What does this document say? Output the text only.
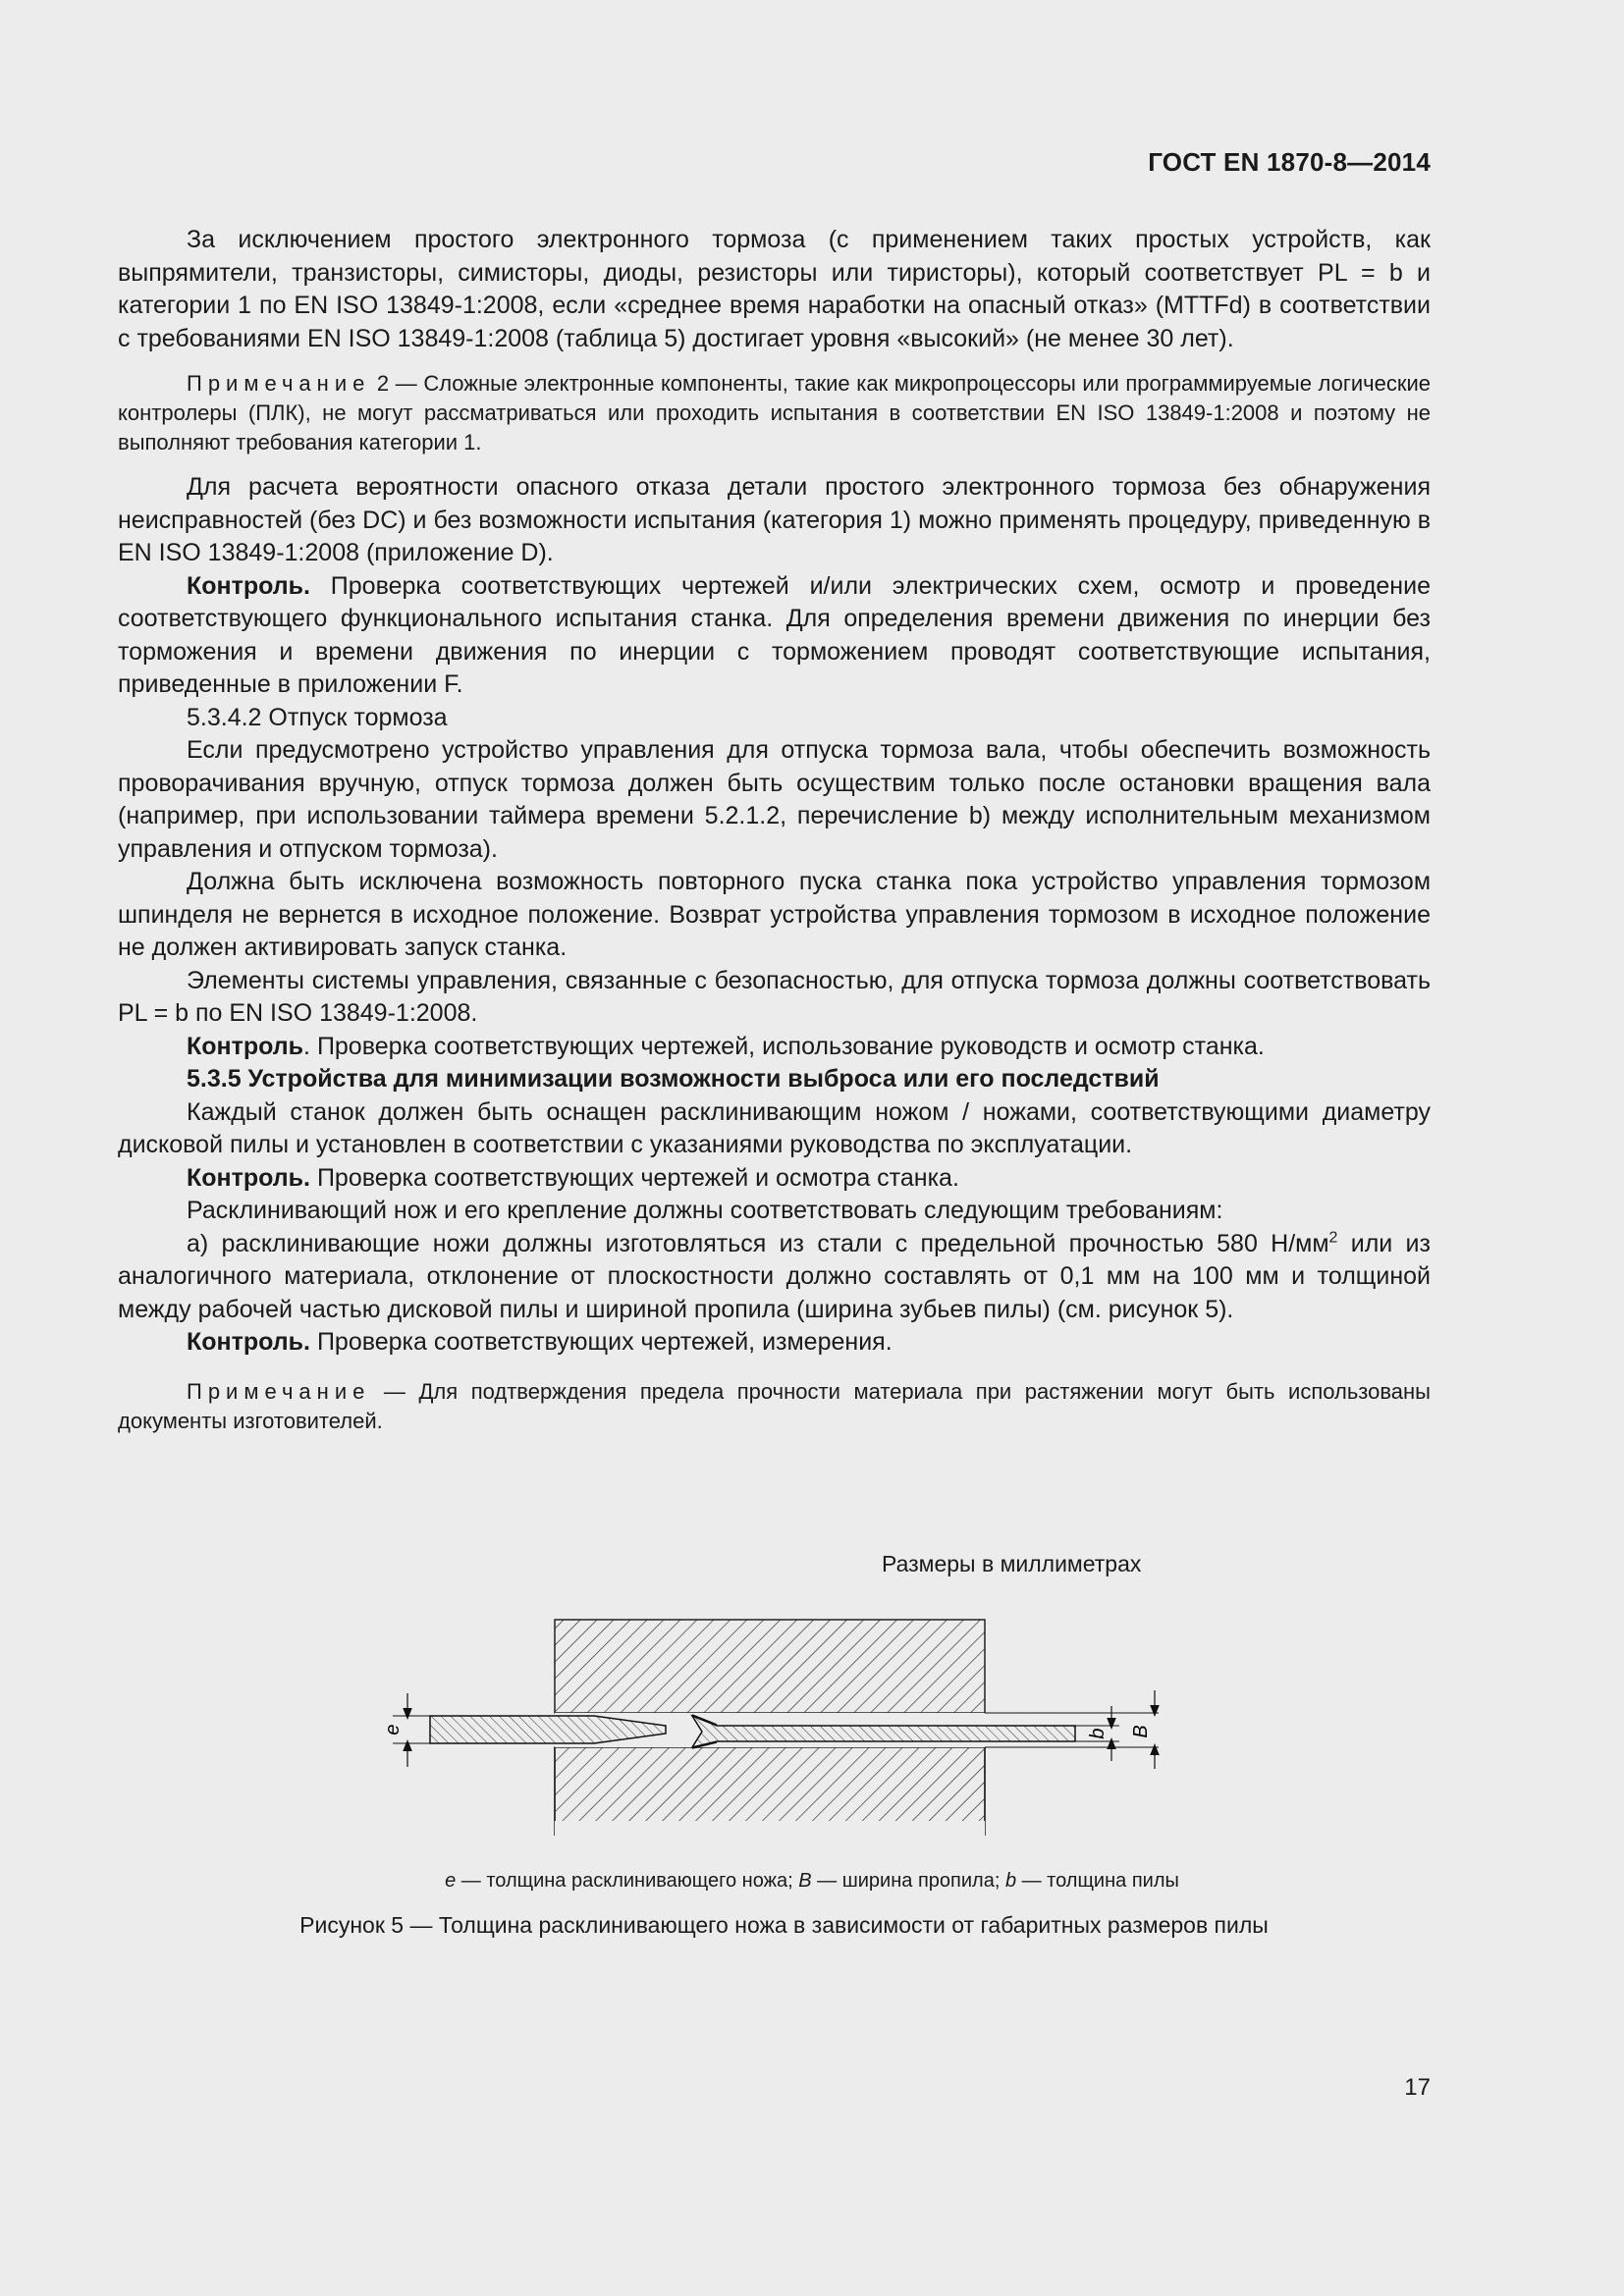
ГОСТ EN 1870-8—2014

За исключением простого электронного тормоза (с применением таких простых устройств, как выпрямители, транзисторы, симисторы, диоды, резисторы или тиристоры), который соответствует PL = b и категории 1 по EN ISO 13849-1:2008, если «среднее время наработки на опасный отказ» (MTTFd) в соответствии с требованиями EN ISO 13849-1:2008 (таблица 5) достигает уровня «высокий» (не менее 30 лет).

Примечание 2 — Сложные электронные компоненты, такие как микропроцессоры или программируемые логические контролеры (ПЛК), не могут рассматриваться или проходить испытания в соответствии EN ISO 13849-1:2008 и поэтому не выполняют требования категории 1.

Для расчета вероятности опасного отказа детали простого электронного тормоза без обнаружения неисправностей (без DC) и без возможности испытания (категория 1) можно применять процедуру, приведенную в EN ISO 13849-1:2008 (приложение D).

Контроль. Проверка соответствующих чертежей и/или электрических схем, осмотр и проведение соответствующего функционального испытания станка. Для определения времени движения по инерции без торможения и времени движения по инерции с торможением проводят соответствующие испытания, приведенные в приложении F.

5.3.4.2 Отпуск тормоза

Если предусмотрено устройство управления для отпуска тормоза вала, чтобы обеспечить возможность проворачивания вручную, отпуск тормоза должен быть осуществим только после остановки вращения вала (например, при использовании таймера времени 5.2.1.2, перечисление b) между исполнительным механизмом управления и отпуском тормоза).

Должна быть исключена возможность повторного пуска станка пока устройство управления тормозом шпинделя не вернется в исходное положение. Возврат устройства управления тормозом в исходное положение не должен активировать запуск станка.

Элементы системы управления, связанные с безопасностью, для отпуска тормоза должны соответствовать PL = b по EN ISO 13849-1:2008.

Контроль. Проверка соответствующих чертежей, использование руководств и осмотр станка.

5.3.5 Устройства для минимизации возможности выброса или его последствий

Каждый станок должен быть оснащен расклинивающим ножом / ножами, соответствующими диаметру дисковой пилы и установлен в соответствии с указаниями руководства по эксплуатации.

Контроль. Проверка соответствующих чертежей и осмотра станка.

Расклинивающий нож и его крепление должны соответствовать следующим требованиям:

а) расклинивающие ножи должны изготовляться из стали с предельной прочностью 580 $Н/мм^2$ или из аналогичного материала, отклонение от плоскостности должно составлять от 0,1 мм на 100 мм и толщиной между рабочей частью дисковой пилы и шириной пропила (ширина зубьев пилы) (см. рисунок 5).

Контроль. Проверка соответствующих чертежей, измерения.

Примечание — Для подтверждения предела прочности материала при растяжении могут быть использованы документы изготовителей.

Размеры в миллиметрах
e	b B
e — толщина расклинивающего ножа; B — ширина пропила; b — толщина пилы
Рисунок 5 — Толщина расклинивающего ножа в зависимости от габаритных размеров пилы
17
